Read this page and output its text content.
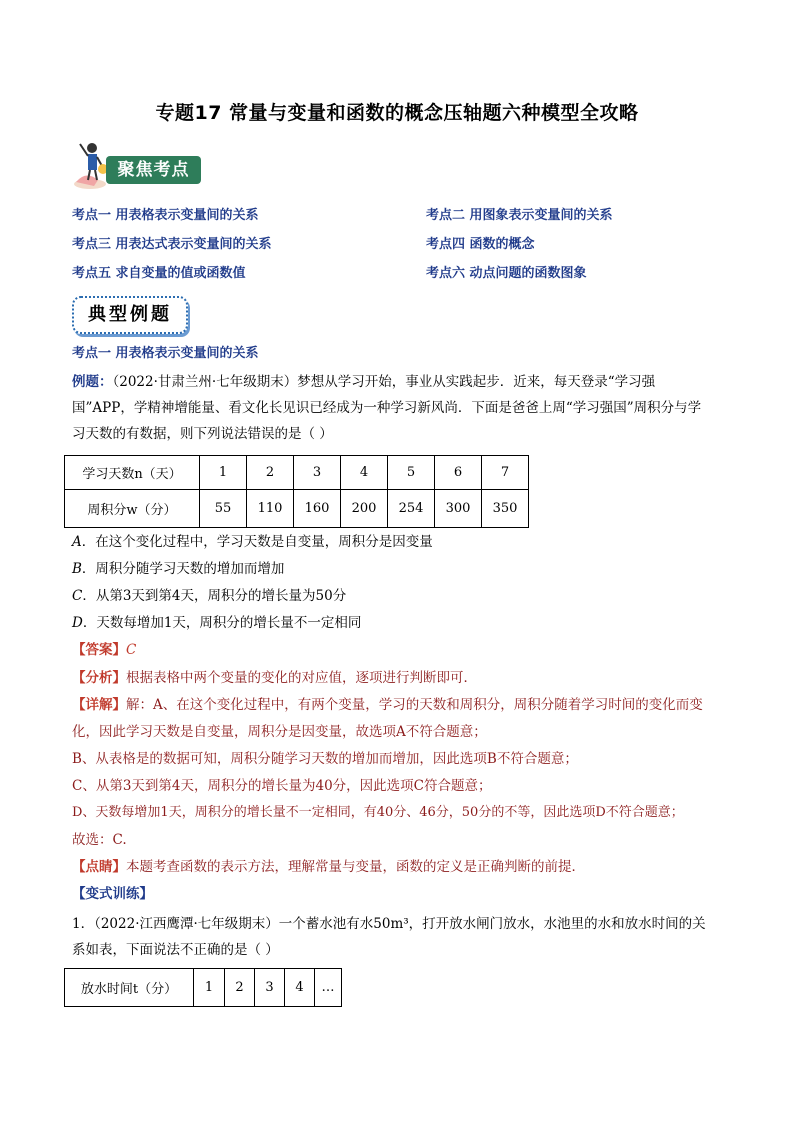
专题17 常量与变量和函数的概念压轴题六种模型全攻略
聚焦考点
考点一 用表格表示变量间的关系	考点二 用图象表示变量间的关系
考点三 用表达式表示变量间的关系	考点四 函数的概念
考点五 求自变量的值或函数值	考点六 动点问题的函数图象
典型例题
考点一 用表格表示变量间的关系
例题：（2022·甘肃兰州·七年级期末）梦想从学习开始，事业从实践起步．近来，每天登录“学习强
国”APP，学精神增能量、看文化长见识已经成为一种学习新风尚．下面是爸爸上周“学习强国”周积分与学
习天数的有数据，则下列说法错误的是（ ）
学习天数n（天）	1	2	3	4	5	6	7
周积分w（分）	55	110	160	200	254	300	350
A．在这个变化过程中，学习天数是自变量，周积分是因变量
B．周积分随学习天数的增加而增加
C．从第3天到第4天，周积分的增长量为50分
D．天数每增加1天，周积分的增长量不一定相同
【答案】C
【分析】根据表格中两个变量的变化的对应值，逐项进行判断即可．
【详解】解：A、在这个变化过程中，有两个变量，学习的天数和周积分，周积分随着学习时间的变化而变
化，因此学习天数是自变量，周积分是因变量，故选项A不符合题意；
B、从表格是的数据可知，周积分随学习天数的增加而增加，因此选项B不符合题意；
C、从第3天到第4天，周积分的增长量为40分，因此选项C符合题意；
D、天数每增加1天，周积分的增长量不一定相同，有40分、46分，50分的不等，因此选项D不符合题意；
故选：C.
【点睛】本题考查函数的表示方法，理解常量与变量，函数的定义是正确判断的前提．
【变式训练】
1．（2022·江西鹰潭·七年级期末）一个蓄水池有水50m³，打开放水闸门放水，水池里的水和放水时间的关
系如表，下面说法不正确的是（ ）
放水时间t（分）	1	2	3	4	…
